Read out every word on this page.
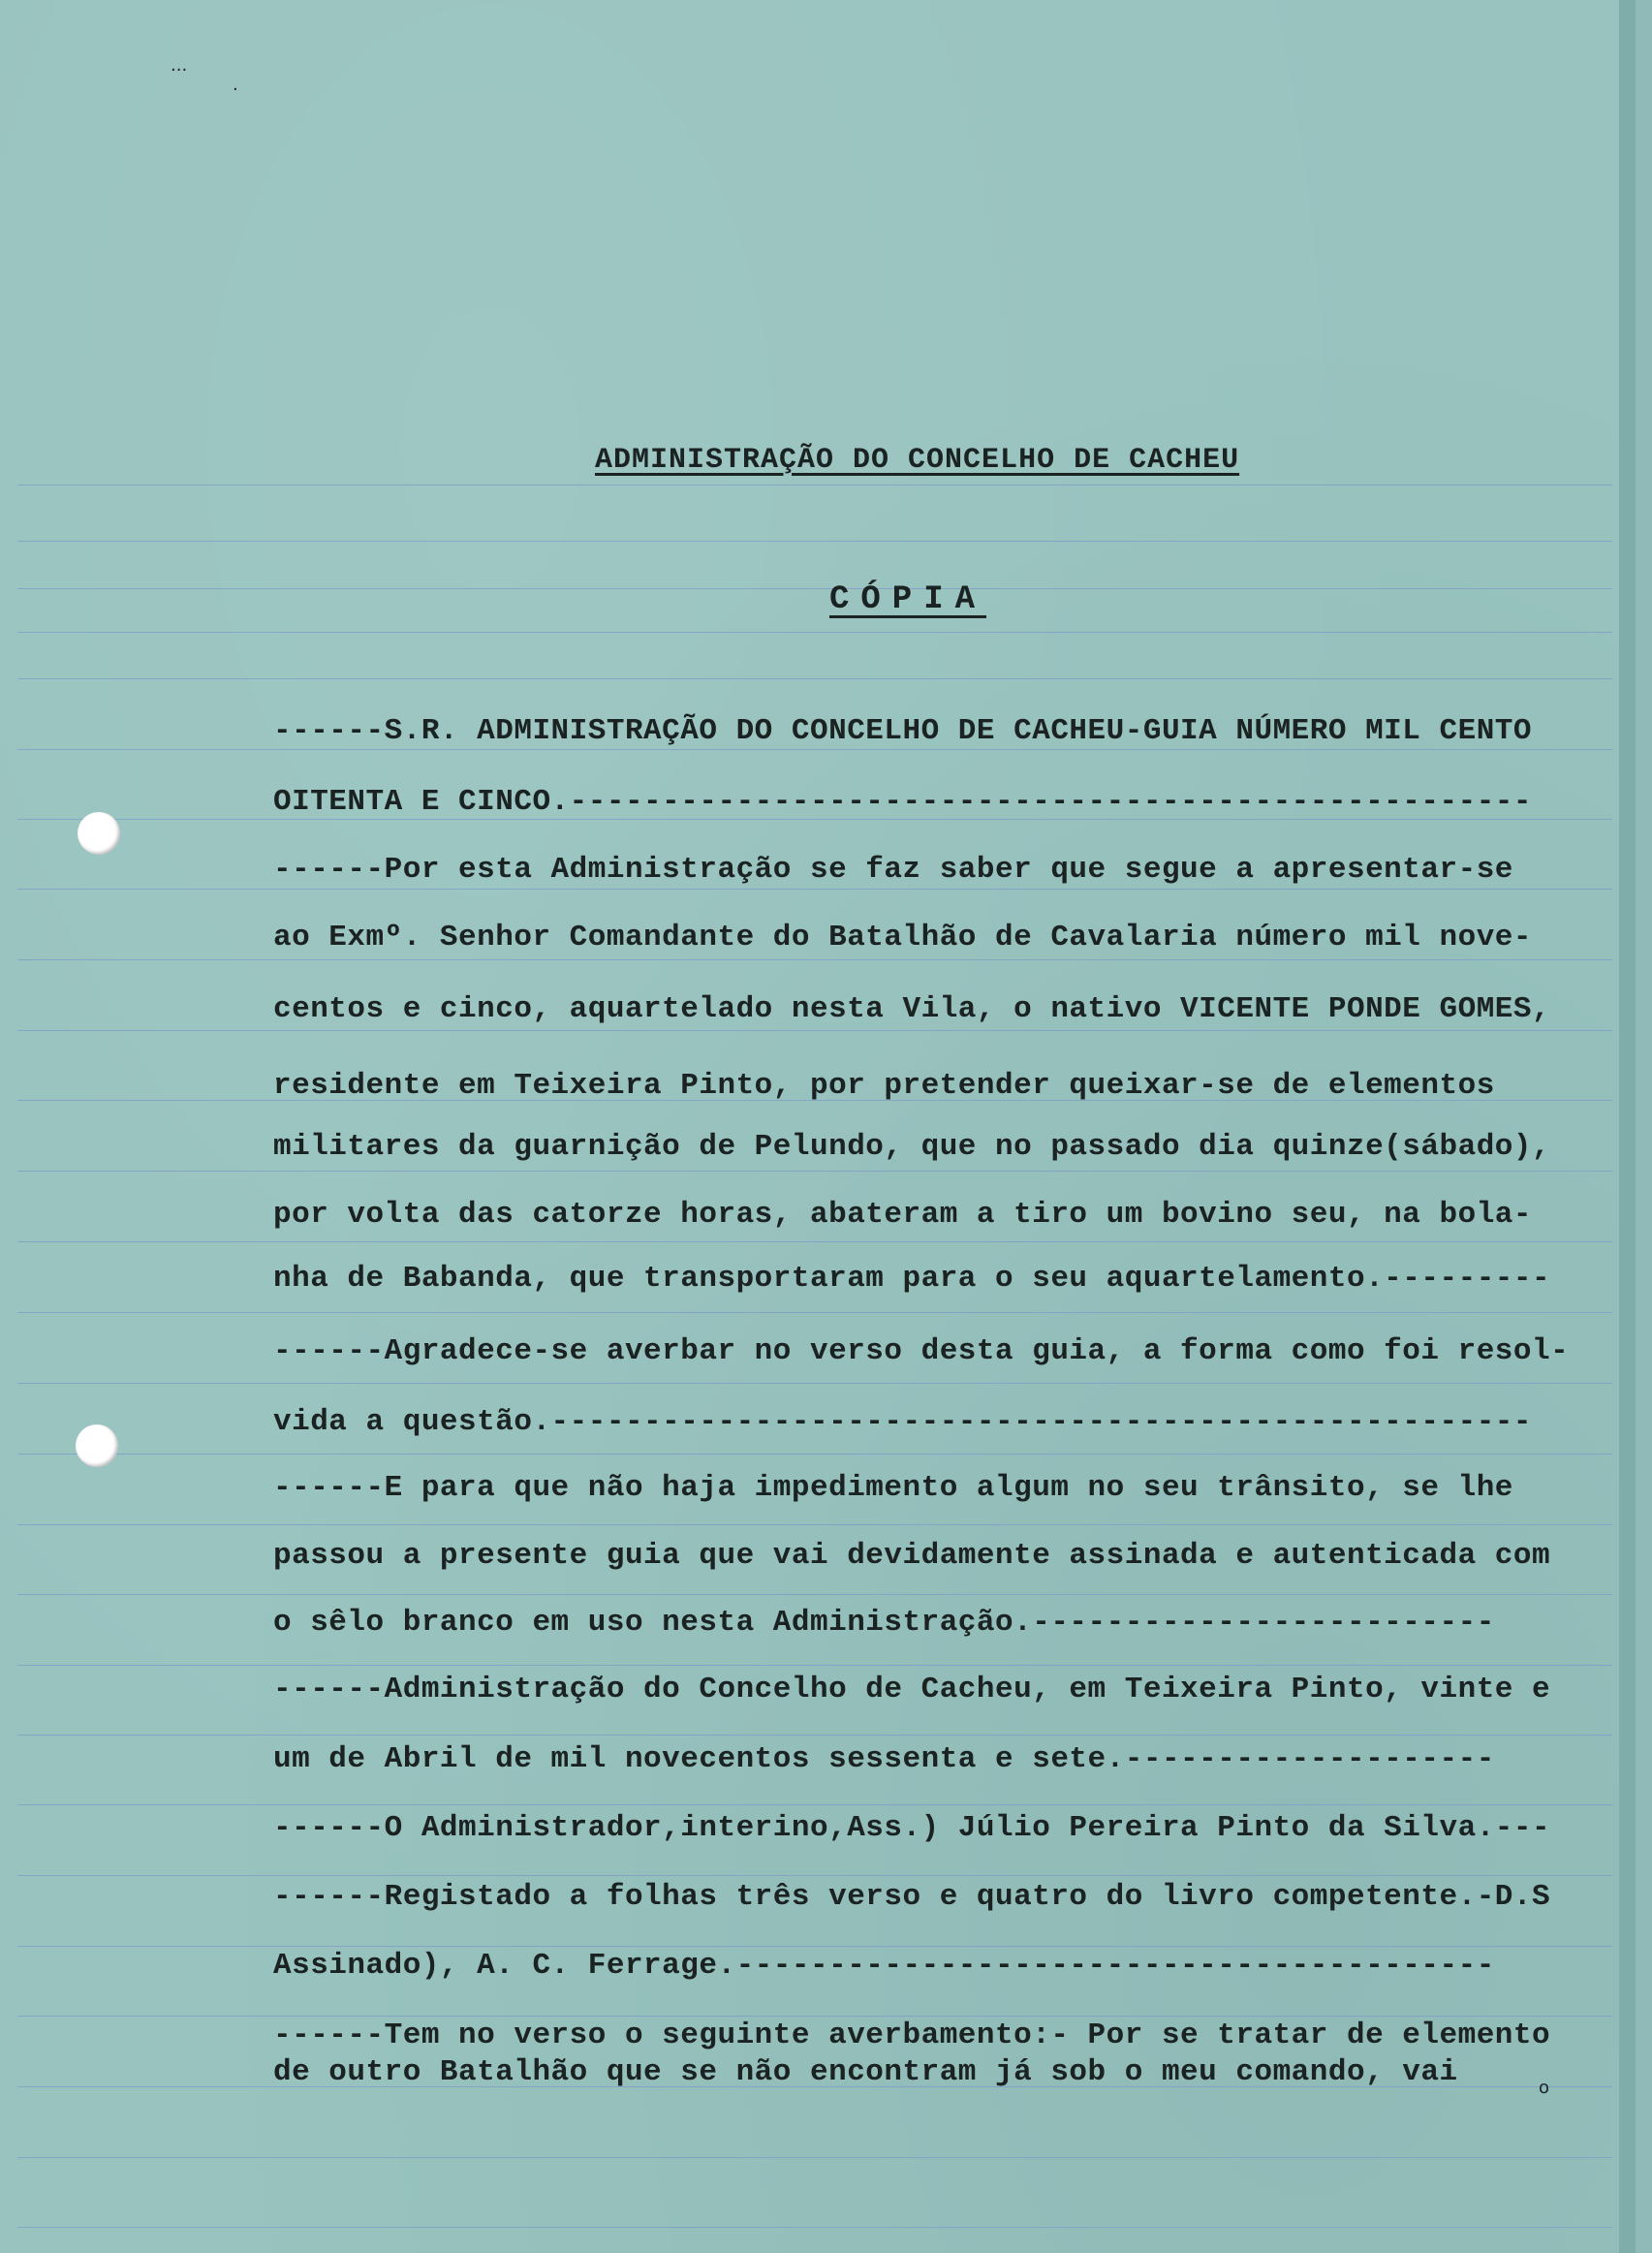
···
·
o
ADMINISTRAÇÃO DO CONCELHO DE CACHEU
CÓPIA
------S.R. ADMINISTRAÇÃO DO CONCELHO DE CACHEU-GUIA NÚMERO MIL CENTO
OITENTA E CINCO.----------------------------------------------------
------Por esta Administração se faz saber que segue a apresentar-se
ao Exmº. Senhor Comandante do Batalhão de Cavalaria número mil nove-
centos e cinco, aquartelado nesta Vila, o nativo VICENTE PONDE GOMES,
residente em Teixeira Pinto, por pretender queixar-se de elementos
militares da guarnição de Pelundo, que no passado dia quinze(sábado),
por volta das catorze horas, abateram a tiro um bovino seu, na bola-
nha de Babanda, que transportaram para o seu aquartelamento.---------
------Agradece-se averbar no verso desta guia, a forma como foi resol-
vida a questão.-----------------------------------------------------
------E para que não haja impedimento algum no seu trânsito, se lhe
passou a presente guia que vai devidamente assinada e autenticada com
o sêlo branco em uso nesta Administração.-------------------------
------Administração do Concelho de Cacheu, em Teixeira Pinto, vinte e
um de Abril de mil novecentos sessenta e sete.--------------------
------O Administrador,interino,Ass.) Júlio Pereira Pinto da Silva.---
------Registado a folhas três verso e quatro do livro competente.-D.S
Assinado), A. C. Ferrage.-----------------------------------------
------Tem no verso o seguinte averbamento:- Por se tratar de elemento
de outro Batalhão que se não encontram já sob o meu comando, vai
